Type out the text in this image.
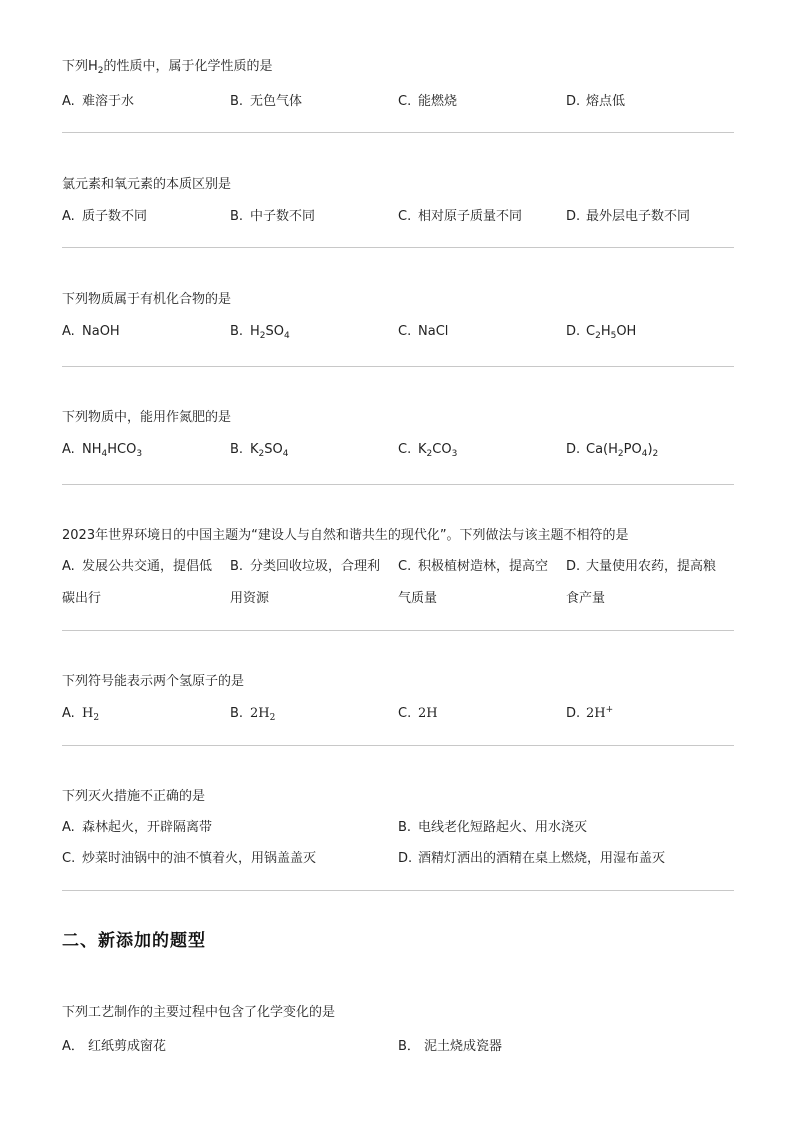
下列$H_2$的性质中，属于化学性质的是
A. 难溶于水	B. 无色气体	C. 能燃烧	D. 熔点低
氯元素和氧元素的本质区别是
A. 质子数不同	B. 中子数不同	C. 相对原子质量不同	D. 最外层电子数不同
下列物质属于有机化合物的是
A. NaOH	B. $H_2SO_4$	C. NaCl	D. $C_2H_5OH$
下列物质中，能用作氮肥的是
A. $NH_4HCO_3$	B. $K_2SO_4$	C. $K_2CO_3$	D. $Ca(H_2PO_4)_2$
2023年世界环境日的中国主题为“建设人与自然和谐共生的现代化”。下列做法与该主题不相符的是
A. 发展公共交通，提倡低碳出行
B. 分类回收垃圾，合理利用资源
C. 积极植树造林，提高空气质量
D. 大量使用农药，提高粮食产量
下列符号能表示两个氢原子的是
A. $H_2$	B. $2H_2$	C. 2H	D. 2H+
下列灭火措施不正确的是
A. 森林起火，开辟隔离带	B. 电线老化短路起火、用水浇灭
C. 炒菜时油锅中的油不慎着火，用锅盖盖灭	D. 酒精灯洒出的酒精在桌上燃烧，用湿布盖灭
二、新添加的题型
下列工艺制作的主要过程中包含了化学变化的是
A． 红纸剪成窗花	B． 泥土烧成瓷器
